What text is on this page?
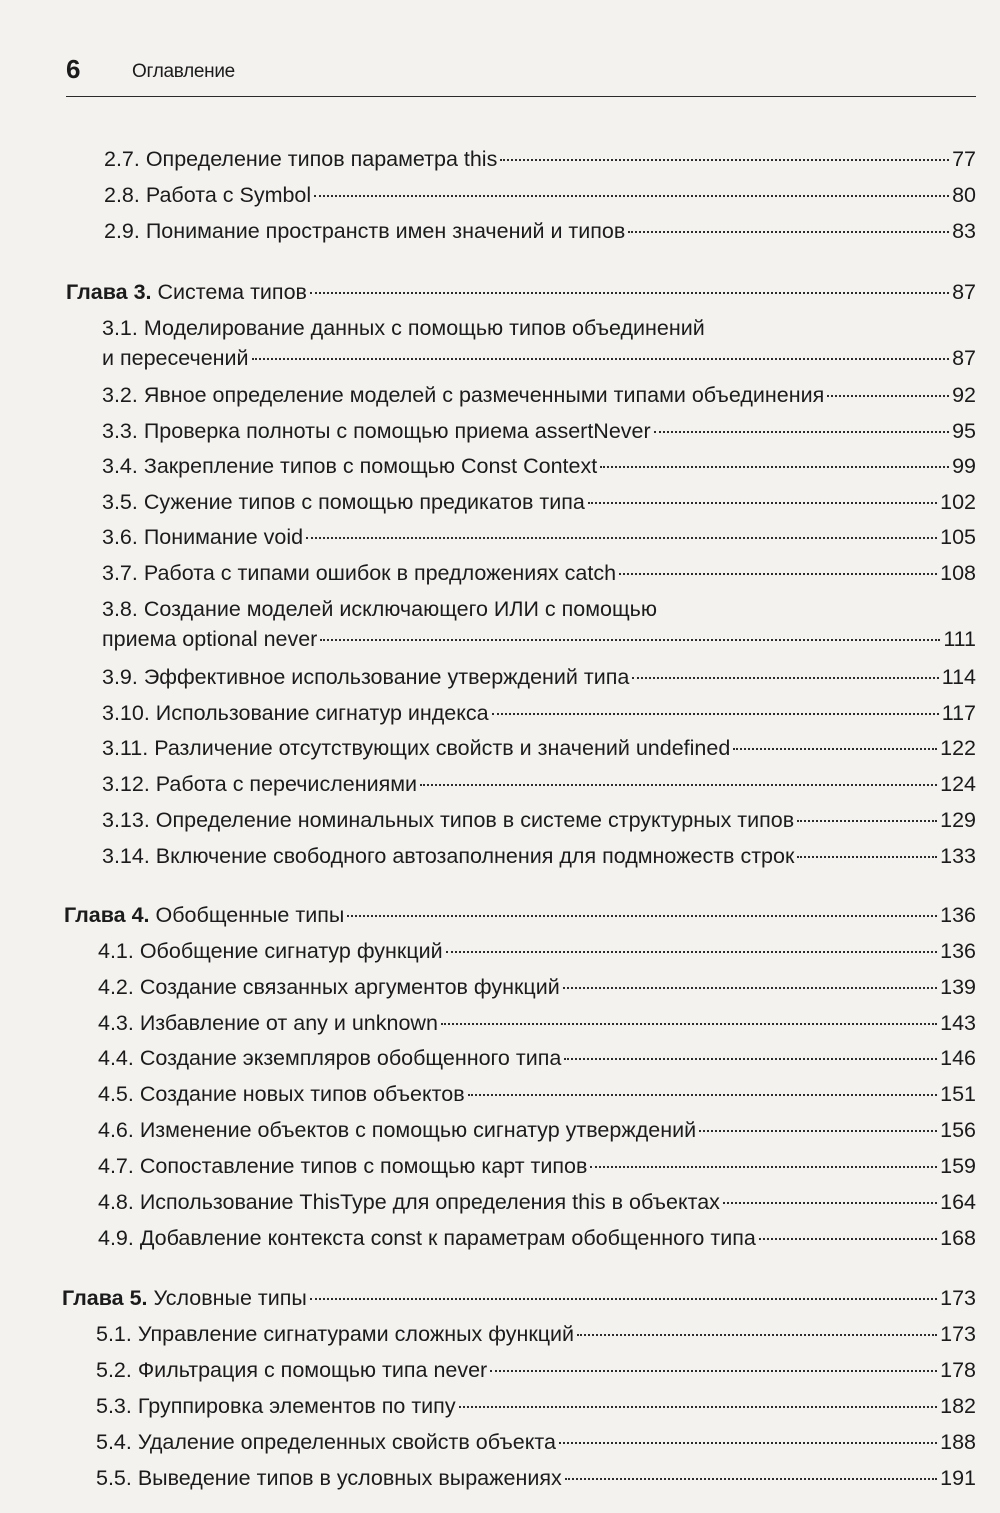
6	Оглавление
2.7. Определение типов параметра this	77
2.8. Работа с Symbol	80
2.9. Понимание пространств имен значений и типов	83
Глава 3. Система типов	87
3.1. Моделирование данных с помощью типов объединений
и пересечений	87
3.2. Явное определение моделей с размеченными типами объединения	92
3.3. Проверка полноты с помощью приема assertNever	95
3.4. Закрепление типов с помощью Const Context	99
3.5. Сужение типов с помощью предикатов типа	102
3.6. Понимание void	105
3.7. Работа с типами ошибок в предложениях catch	108
3.8. Создание моделей исключающего ИЛИ с помощью
приема optional never	111
3.9. Эффективное использование утверждений типа	114
3.10. Использование сигнатур индекса	117
3.11. Различение отсутствующих свойств и значений undefined	122
3.12. Работа с перечислениями	124
3.13. Определение номинальных типов в системе структурных типов	129
3.14. Включение свободного автозаполнения для подмножеств строк	133
Глава 4. Обобщенные типы	136
4.1. Обобщение сигнатур функций	136
4.2. Создание связанных аргументов функций	139
4.3. Избавление от any и unknown	143
4.4. Создание экземпляров обобщенного типа	146
4.5. Создание новых типов объектов	151
4.6. Изменение объектов с помощью сигнатур утверждений	156
4.7. Сопоставление типов с помощью карт типов	159
4.8. Использование ThisType для определения this в объектах	164
4.9. Добавление контекста const к параметрам обобщенного типа	168
Глава 5. Условные типы	173
5.1. Управление сигнатурами сложных функций	173
5.2. Фильтрация с помощью типа never	178
5.3. Группировка элементов по типу	182
5.4. Удаление определенных свойств объекта	188
5.5. Выведение типов в условных выражениях	191
